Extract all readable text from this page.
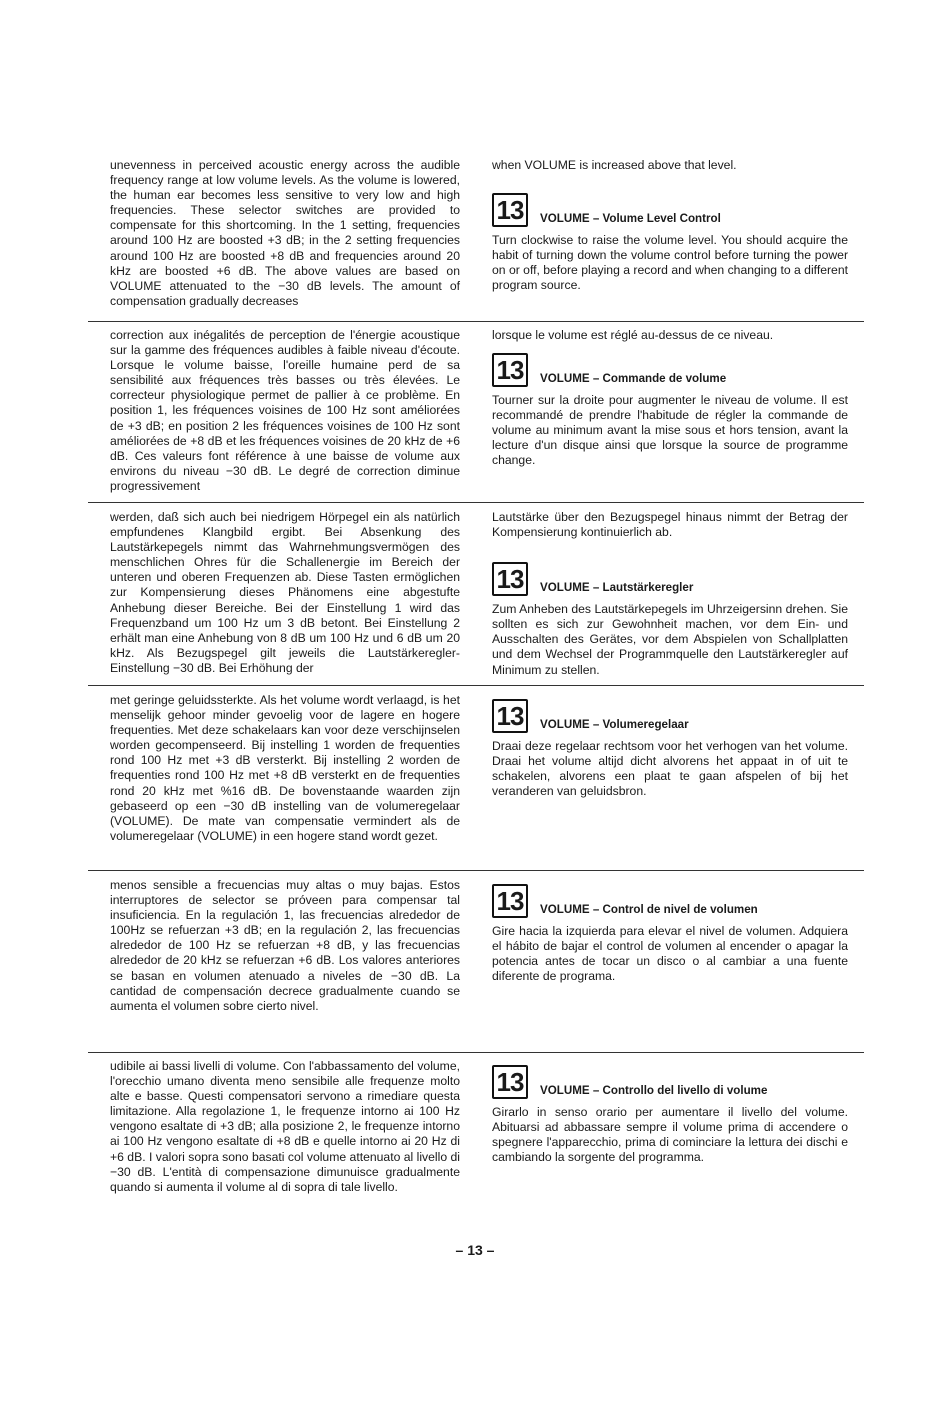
unevenness in perceived acoustic energy across the audible frequency range at low volume levels. As the volume is lowered, the human ear becomes less sensitive to very low and high frequencies. These selector switches are provided to compensate for this shortcoming. In the 1 setting, frequencies around 100 Hz are boosted +3 dB; in the 2 setting frequencies around 100 Hz are boosted +8 dB and frequencies around 20 kHz are boosted +6 dB. The above values are based on VOLUME attenuated to the −30 dB levels. The amount of compensation gradually decreases

when VOLUME is increased above that level.

13	VOLUME – Volume Level Control

Turn clockwise to raise the volume level. You should acquire the habit of turning down the volume control before turning the power on or off, before playing a record and when changing to a different program source.

correction aux inégalités de perception de l'énergie acoustique sur la gamme des fréquences audibles à faible niveau d'écoute. Lorsque le volume baisse, l'oreille humaine perd de sa sensibilité aux fréquences très basses ou très élevées. Le correcteur physiologique permet de pallier à ce problème. En position 1, les fréquences voisines de 100 Hz sont améliorées de +3 dB; en position 2 les fréquences voisines de 100 Hz sont améliorées de +8 dB et les fréquences voisines de 20 kHz de +6 dB. Ces valeurs font référence à une baisse de volume aux environs du niveau −30 dB. Le degré de correction diminue progressivement

lorsque le volume est réglé au-dessus de ce niveau.

13	VOLUME – Commande de volume

Tourner sur la droite pour augmenter le niveau de volume. Il est recommandé de prendre l'habitude de régler la commande de volume au minimum avant la mise sous et hors tension, avant la lecture d'un disque ainsi que lorsque la source de programme change.

werden, daß sich auch bei niedrigem Hörpegel ein als natürlich empfundenes Klangbild ergibt. Bei Absenkung des Lautstärkepegels nimmt das Wahrnehmungsvermögen des menschlichen Ohres für die Schallenergie im Bereich der unteren und oberen Frequenzen ab. Diese Tasten ermöglichen zur Kompensierung dieses Phänomens eine abgestufte Anhebung dieser Bereiche. Bei der Einstellung 1 wird das Frequenzband um 100 Hz um 3 dB betont. Bei Einstellung 2 erhält man eine Anhebung von 8 dB um 100 Hz und 6 dB um 20 kHz. Als Bezugspegel gilt jeweils die Lautstärkeregler-Einstellung −30 dB. Bei Erhöhung der

Lautstärke über den Bezugspegel hinaus nimmt der Betrag der Kompensierung kontinuierlich ab.

13	VOLUME – Lautstärkeregler

Zum Anheben des Lautstärkepegels im Uhrzeigersinn drehen. Sie sollten es sich zur Gewohnheit machen, vor dem Ein- und Ausschalten des Gerätes, vor dem Abspielen von Schallplatten und dem Wechsel der Programmquelle den Lautstärkeregler auf Minimum zu stellen.

met geringe geluidssterkte. Als het volume wordt verlaagd, is het menselijk gehoor minder gevoelig voor de lagere en hogere frequenties. Met deze schakelaars kan voor deze verschijnselen worden gecompenseerd. Bij instelling 1 worden de frequenties rond 100 Hz met +3 dB versterkt. Bij instelling 2 worden de frequenties rond 100 Hz met +8 dB versterkt en de frequenties rond 20 kHz met %16 dB. De bovenstaande waarden zijn gebaseerd op een −30 dB instelling van de volumeregelaar (VOLUME). De mate van compensatie vermindert als de volumeregelaar (VOLUME) in een hogere stand wordt gezet.
13	VOLUME – Volumeregelaar

Draai deze regelaar rechtsom voor het verhogen van het volume. Draai het volume altijd dicht alvorens het appaat in of uit te schakelen, alvorens een plaat te gaan afspelen of bij het veranderen van geluidsbron.

menos sensible a frecuencias muy altas o muy bajas. Estos interruptores de selector se próveen para compensar tal insuficiencia. En la regulación 1, las frecuencias alrededor de 100Hz se refuerzan +3 dB; en la regulación 2, las frecuencias alrededor de 100 Hz se refuerzan +8 dB, y las frecuencias alrededor de 20 kHz se refuerzan +6 dB. Los valores anteriores se basan en volumen atenuado a niveles de −30 dB. La cantidad de compensación decrece gradualmente cuando se aumenta el volumen sobre cierto nivel.
13	VOLUME – Control de nivel de volumen

Gire hacia la izquierda para elevar el nivel de volumen. Adquiera el hábito de bajar el control de volumen al encender o apagar la potencia antes de tocar un disco o al cambiar a una fuente diferente de programa.

udibile ai bassi livelli di volume. Con l'abbassamento del volume, l'orecchio umano diventa meno sensibile alle frequenze molto alte e basse. Questi compensatori servono a rimediare questa limitazione. Alla regolazione 1, le frequenze intorno ai 100 Hz vengono esaltate di +3 dB; alla posizione 2, le frequenze intorno ai 100 Hz vengono esaltate di +8 dB e quelle intorno ai 20 Hz di +6 dB. I valori sopra sono basati col volume attenuato al livello di −30 dB. L'entità di compensazione dimunuisce gradualmente quando si aumenta il volume al di sopra di tale livello.
13	VOLUME – Controllo del livello di volume

Girarlo in senso orario per aumentare il livello del volume. Abituarsi ad abbassare sempre il volume prima di accendere o spegnere l'apparecchio, prima di cominciare la lettura dei dischi e cambiando la sorgente del programma.

– 13 –
